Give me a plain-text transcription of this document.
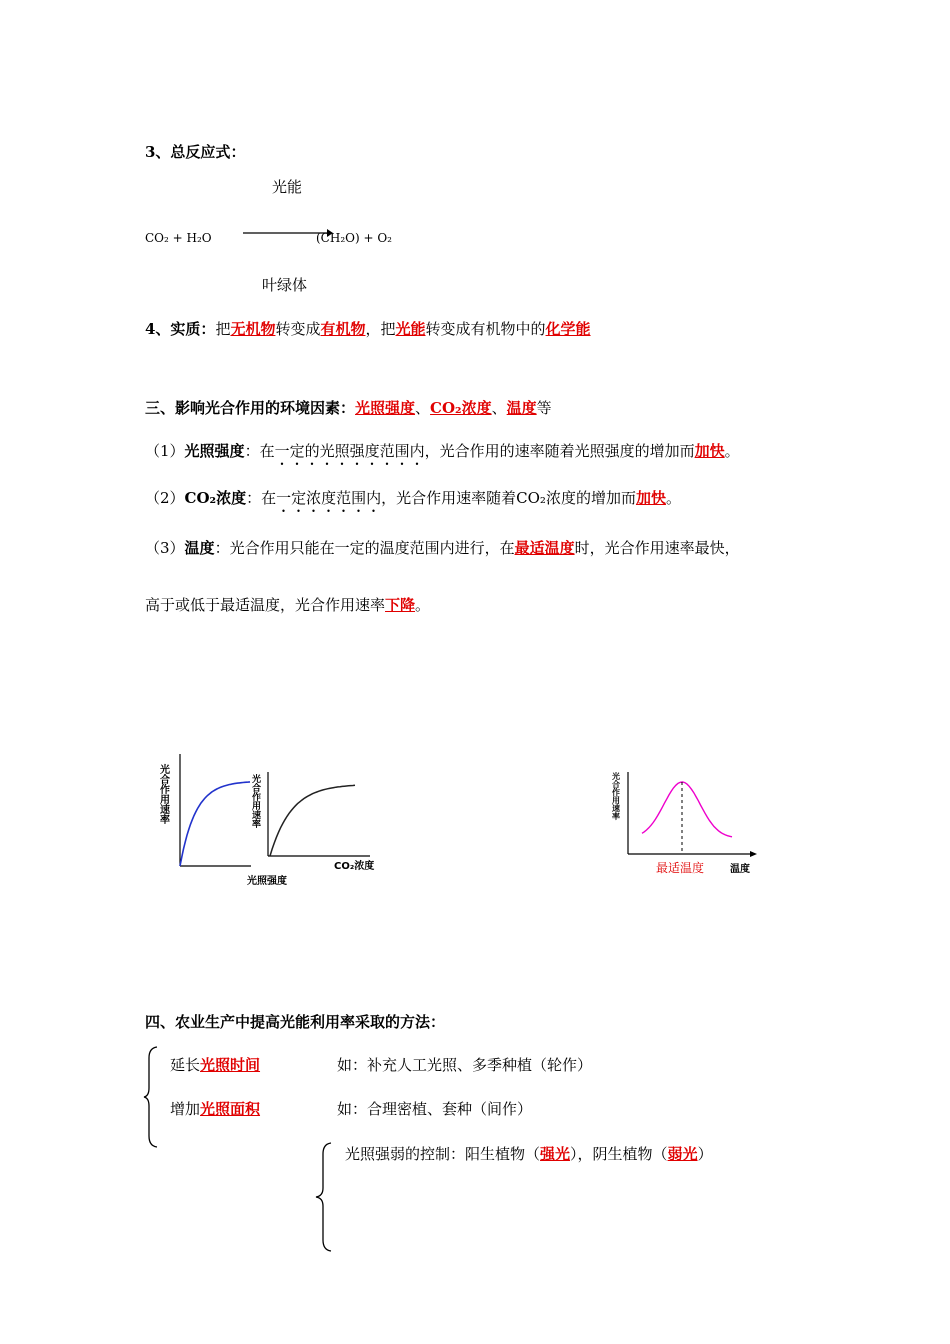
3、总反应式：
光能
CO₂ + H₂O	(CH₂O) + O₂
叶绿体
4、实质：把无机物转变成有机物，把光能转变成有机物中的化学能
三、影响光合作用的环境因素：光照强度、CO₂浓度、温度等
（1）光照强度：在一定的光照强度范围内，光合作用的速率随着光照强度的增加而加快。
（2）CO₂浓度：在一定浓度范围内，光合作用速率随着CO₂浓度的增加而加快。
（3）温度：光合作用只能在一定的温度范围内进行，在最适温度时，光合作用速率最快，
高于或低于最适温度，光合作用速率下降。
光合作用速率
光照强度
光合作用速率
CO₂浓度
光合作用速率
最适温度	温度
四、农业生产中提高光能利用率采取的方法：
延长光照时间	如：补充人工光照、多季种植（轮作）
增加光照面积	如：合理密植、套种（间作）
光照强弱的控制：阳生植物（强光），阴生植物（弱光）
